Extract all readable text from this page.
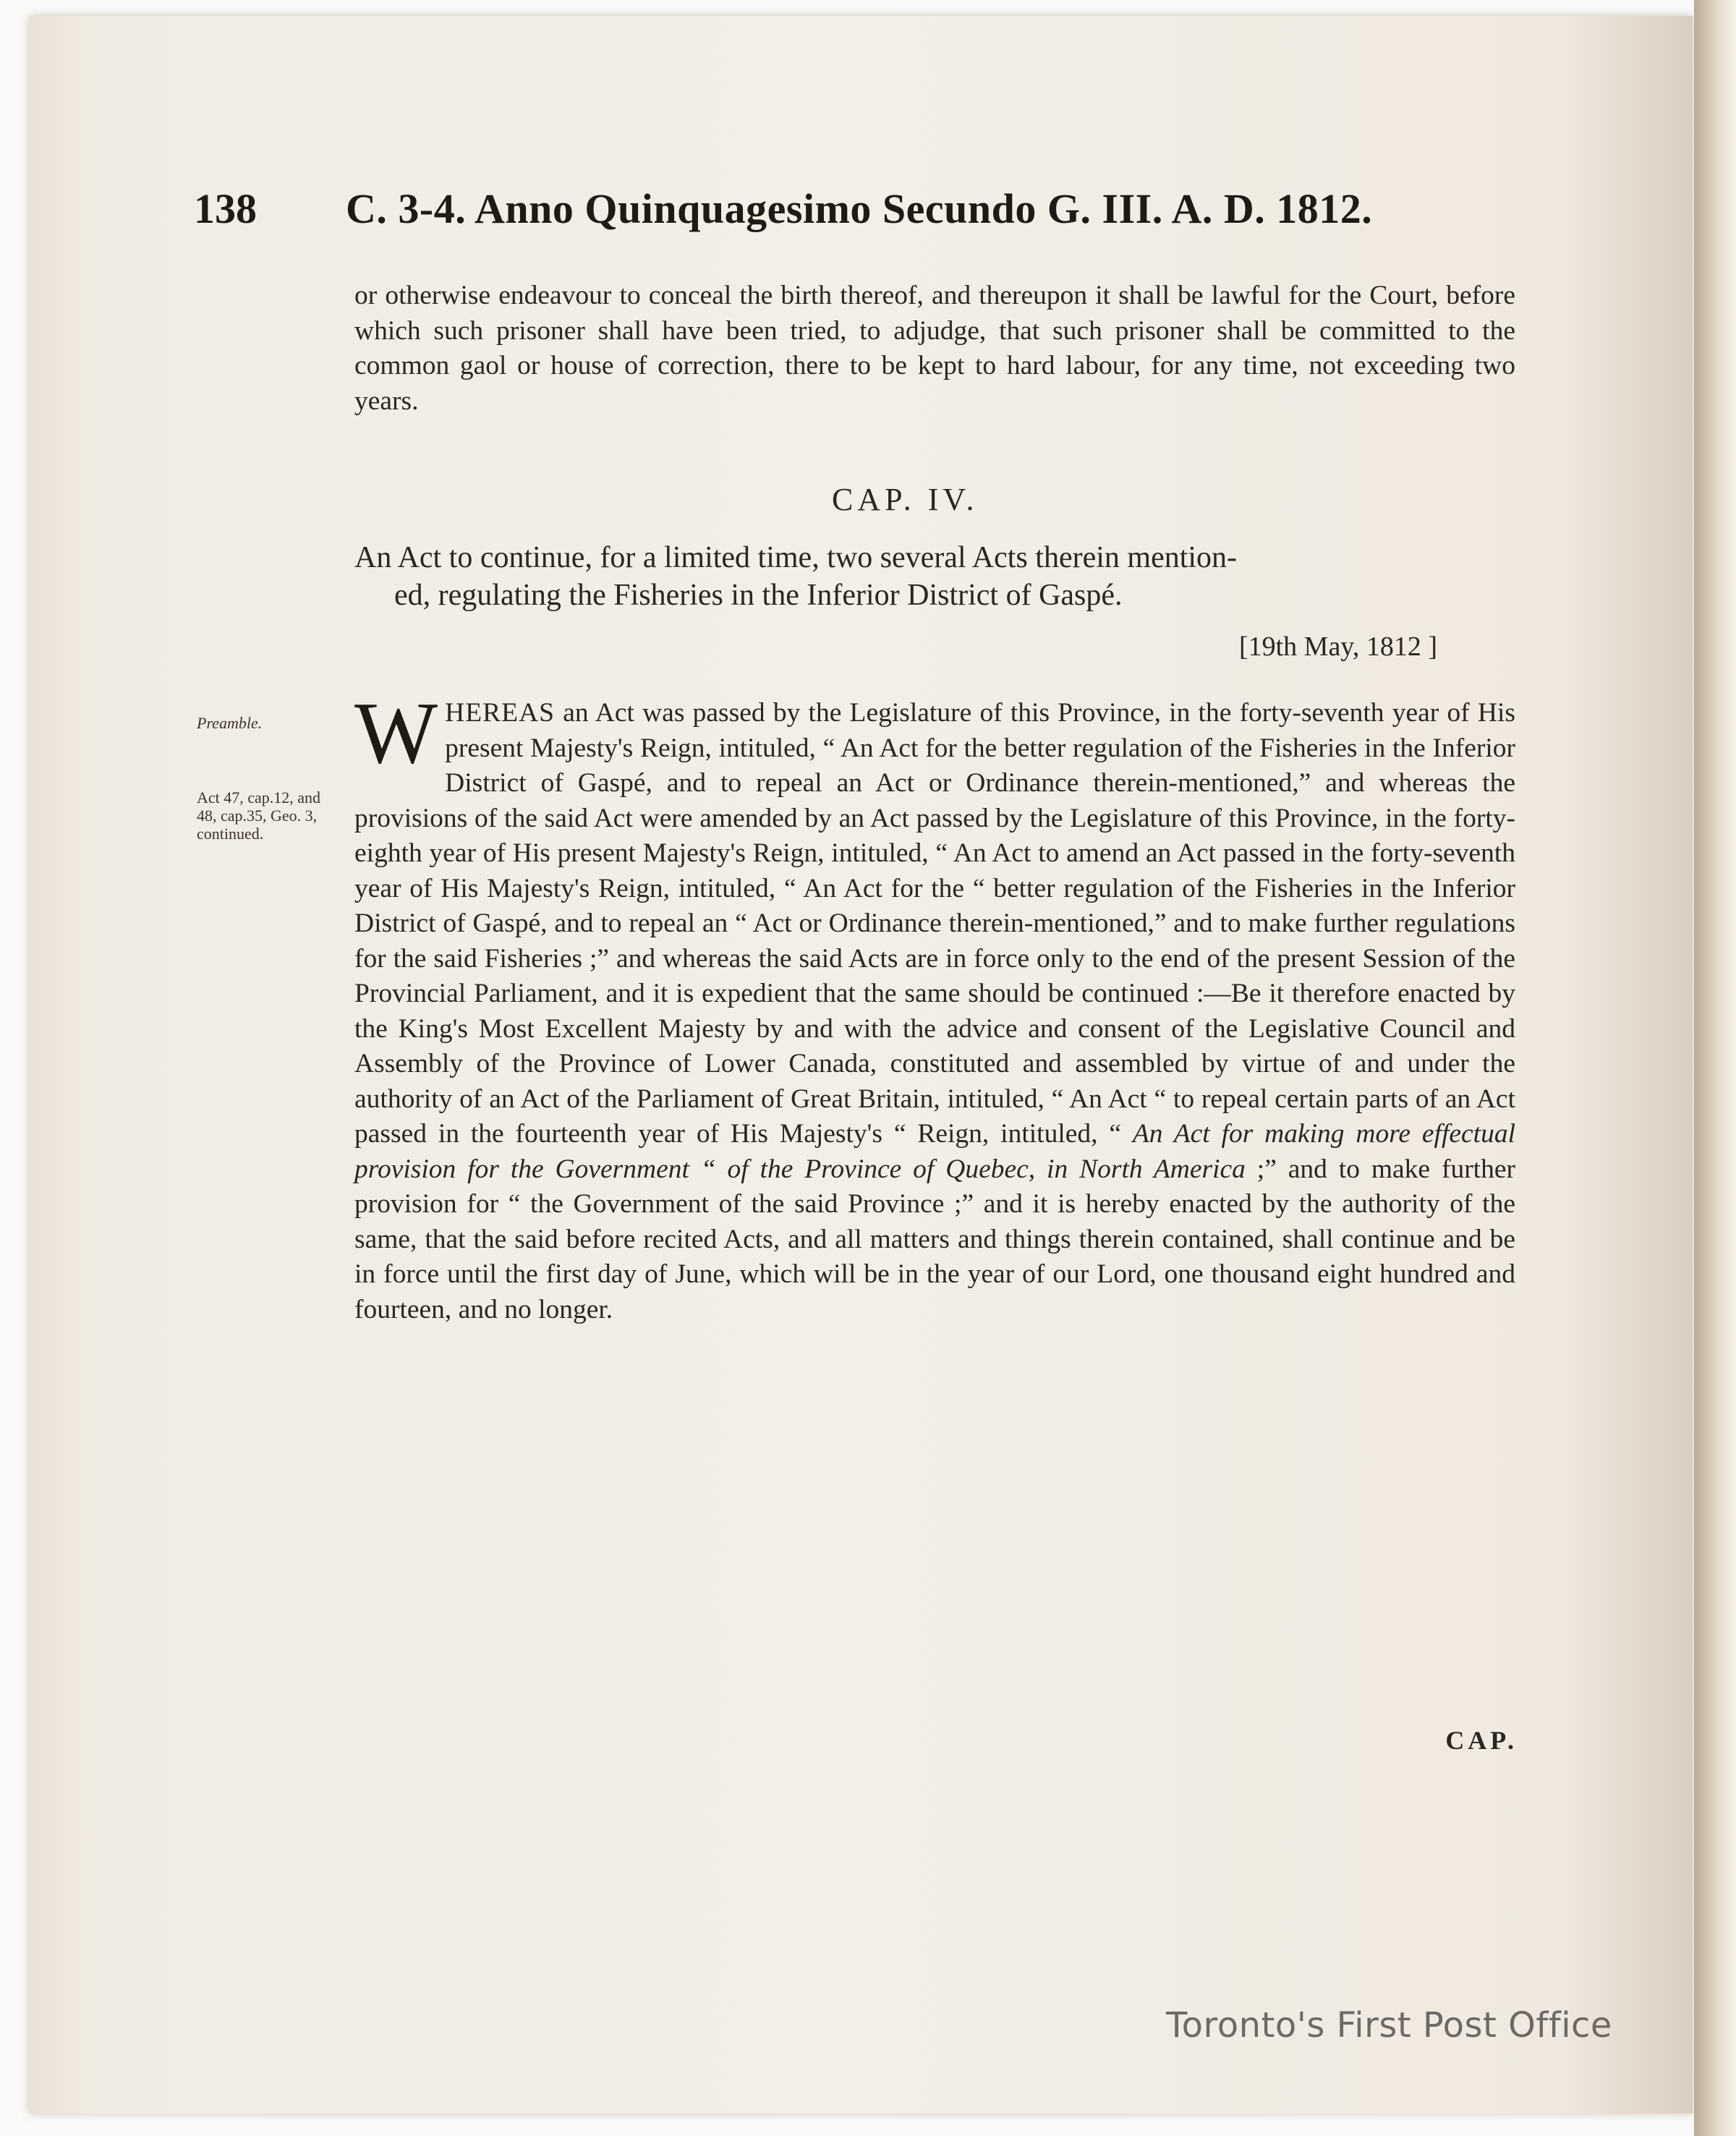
138 C. 3-4. Anno Quinquagesimo Secundo G. III. A. D. 1812.

or otherwise endeavour to conceal the birth thereof, and thereupon it shall be lawful for the Court, before which such prisoner shall have been tried, to adjudge, that such prisoner shall be committed to the common gaol or house of correction, there to be kept to hard labour, for any time, not exceeding two years.

CAP. IV.
An Act to continue, for a limited time, two several Acts therein mention-
ed, regulating the Fisheries in the Inferior District of Gaspé.
[19th May, 1812 ]
Preamble.
Act 47, cap.12, and 48, cap.35, Geo. 3, continued.

WHEREAS an Act was passed by the Legislature of this Province, in the forty-seventh year of His present Majesty's Reign, intituled, “ An Act for the better regulation of the Fisheries in the Inferior District of Gaspé, and to repeal an Act or Ordinance therein-mentioned,” and whereas the provisions of the said Act were amended by an Act passed by the Legislature of this Province, in the forty-eighth year of His present Majesty's Reign, intituled, “ An Act to amend an Act passed in the forty-seventh year of His Majesty's Reign, intituled, “ An Act for the “ better regulation of the Fisheries in the Inferior District of Gaspé, and to repeal an “ Act or Ordinance therein-mentioned,” and to make further regulations for the said Fisheries ;” and whereas the said Acts are in force only to the end of the present Session of the Provincial Parliament, and it is expedient that the same should be continued :—Be it therefore enacted by the King's Most Excellent Majesty by and with the advice and consent of the Legislative Council and Assembly of the Province of Lower Canada, constituted and assembled by virtue of and under the authority of an Act of the Parliament of Great Britain, intituled, “ An Act “ to repeal certain parts of an Act passed in the fourteenth year of His Majesty's “ Reign, intituled, “ An Act for making more effectual provision for the Government “ of the Province of Quebec, in North America ;” and to make further provision for “ the Government of the said Province ;” and it is hereby enacted by the authority of the same, that the said before recited Acts, and all matters and things therein contained, shall continue and be in force until the first day of June, which will be in the year of our Lord, one thousand eight hundred and fourteen, and no longer.

CAP.
Toronto's First Post Office
